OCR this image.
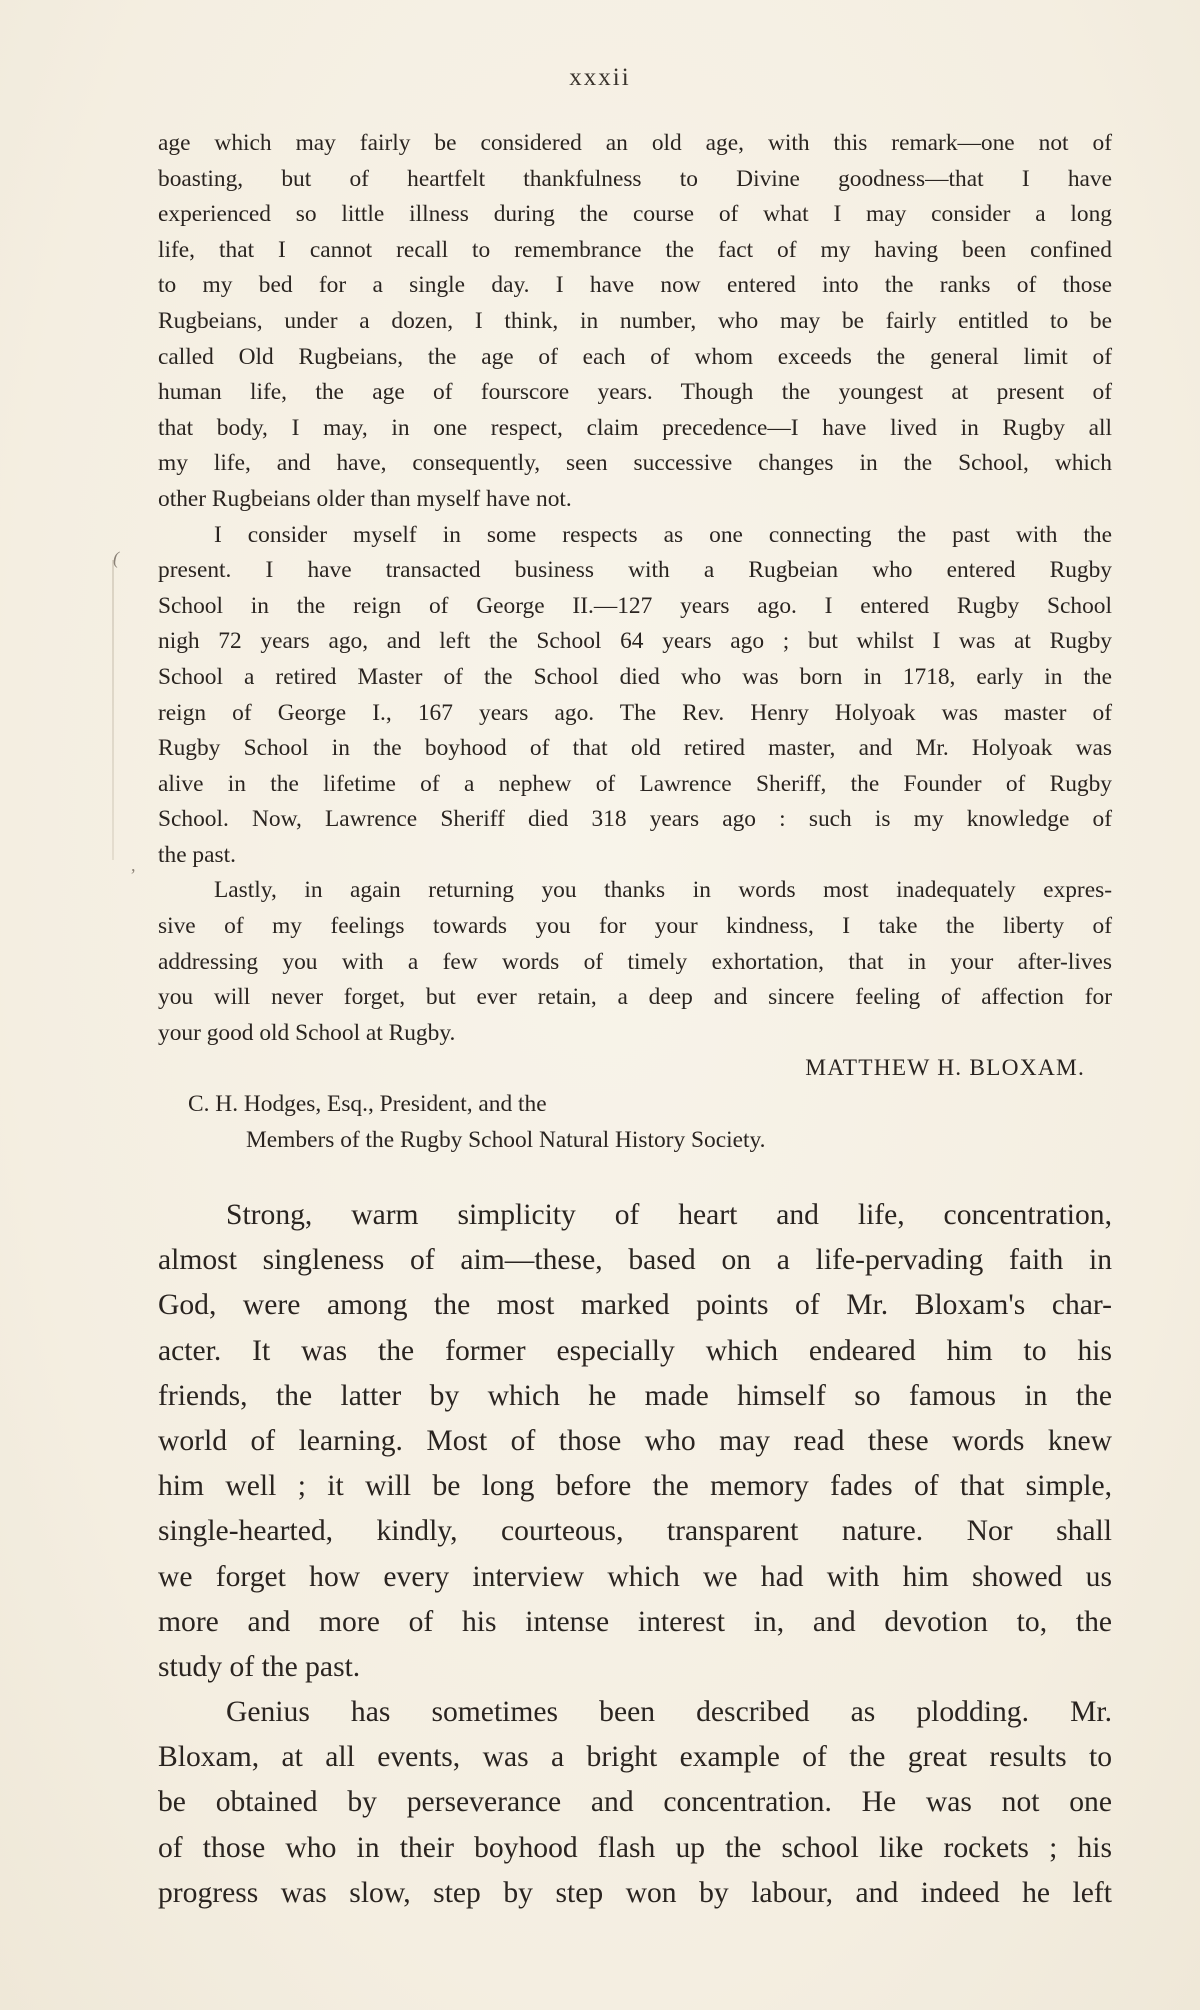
xxxii
(
,
age which may fairly be considered an old age, with this remark—one not of
boasting, but of heartfelt thankfulness to Divine goodness—that I have
experienced so little illness during the course of what I may consider a long
life, that I cannot recall to remembrance the fact of my having been confined
to my bed for a single day. I have now entered into the ranks of those
Rugbeians, under a dozen, I think, in number, who may be fairly entitled to be
called Old Rugbeians, the age of each of whom exceeds the general limit of
human life, the age of fourscore years. Though the youngest at present of
that body, I may, in one respect, claim precedence—I have lived in Rugby all
my life, and have, consequently, seen successive changes in the School, which
other Rugbeians older than myself have not.
I consider myself in some respects as one connecting the past with the
present. I have transacted business with a Rugbeian who entered Rugby
School in the reign of George II.—127 years ago. I entered Rugby School
nigh 72 years ago, and left the School 64 years ago ; but whilst I was at Rugby
School a retired Master of the School died who was born in 1718, early in the
reign of George I., 167 years ago. The Rev. Henry Holyoak was master of
Rugby School in the boyhood of that old retired master, and Mr. Holyoak was
alive in the lifetime of a nephew of Lawrence Sheriff, the Founder of Rugby
School. Now, Lawrence Sheriff died 318 years ago : such is my knowledge of
the past.
Lastly, in again returning you thanks in words most inadequately expres-
sive of my feelings towards you for your kindness, I take the liberty of
addressing you with a few words of timely exhortation, that in your after-lives
you will never forget, but ever retain, a deep and sincere feeling of affection for
your good old School at Rugby.
MATTHEW H. BLOXAM.
C. H. Hodges, Esq., President, and the
Members of the Rugby School Natural History Society.
Strong, warm simplicity of heart and life, concentration,
almost singleness of aim—these, based on a life-pervading faith in
God, were among the most marked points of Mr. Bloxam's char-
acter. It was the former especially which endeared him to his
friends, the latter by which he made himself so famous in the
world of learning. Most of those who may read these words knew
him well ; it will be long before the memory fades of that simple,
single-hearted, kindly, courteous, transparent nature. Nor shall
we forget how every interview which we had with him showed us
more and more of his intense interest in, and devotion to, the
study of the past.
Genius has sometimes been described as plodding. Mr.
Bloxam, at all events, was a bright example of the great results to
be obtained by perseverance and concentration. He was not one
of those who in their boyhood flash up the school like rockets ; his
progress was slow, step by step won by labour, and indeed he left
